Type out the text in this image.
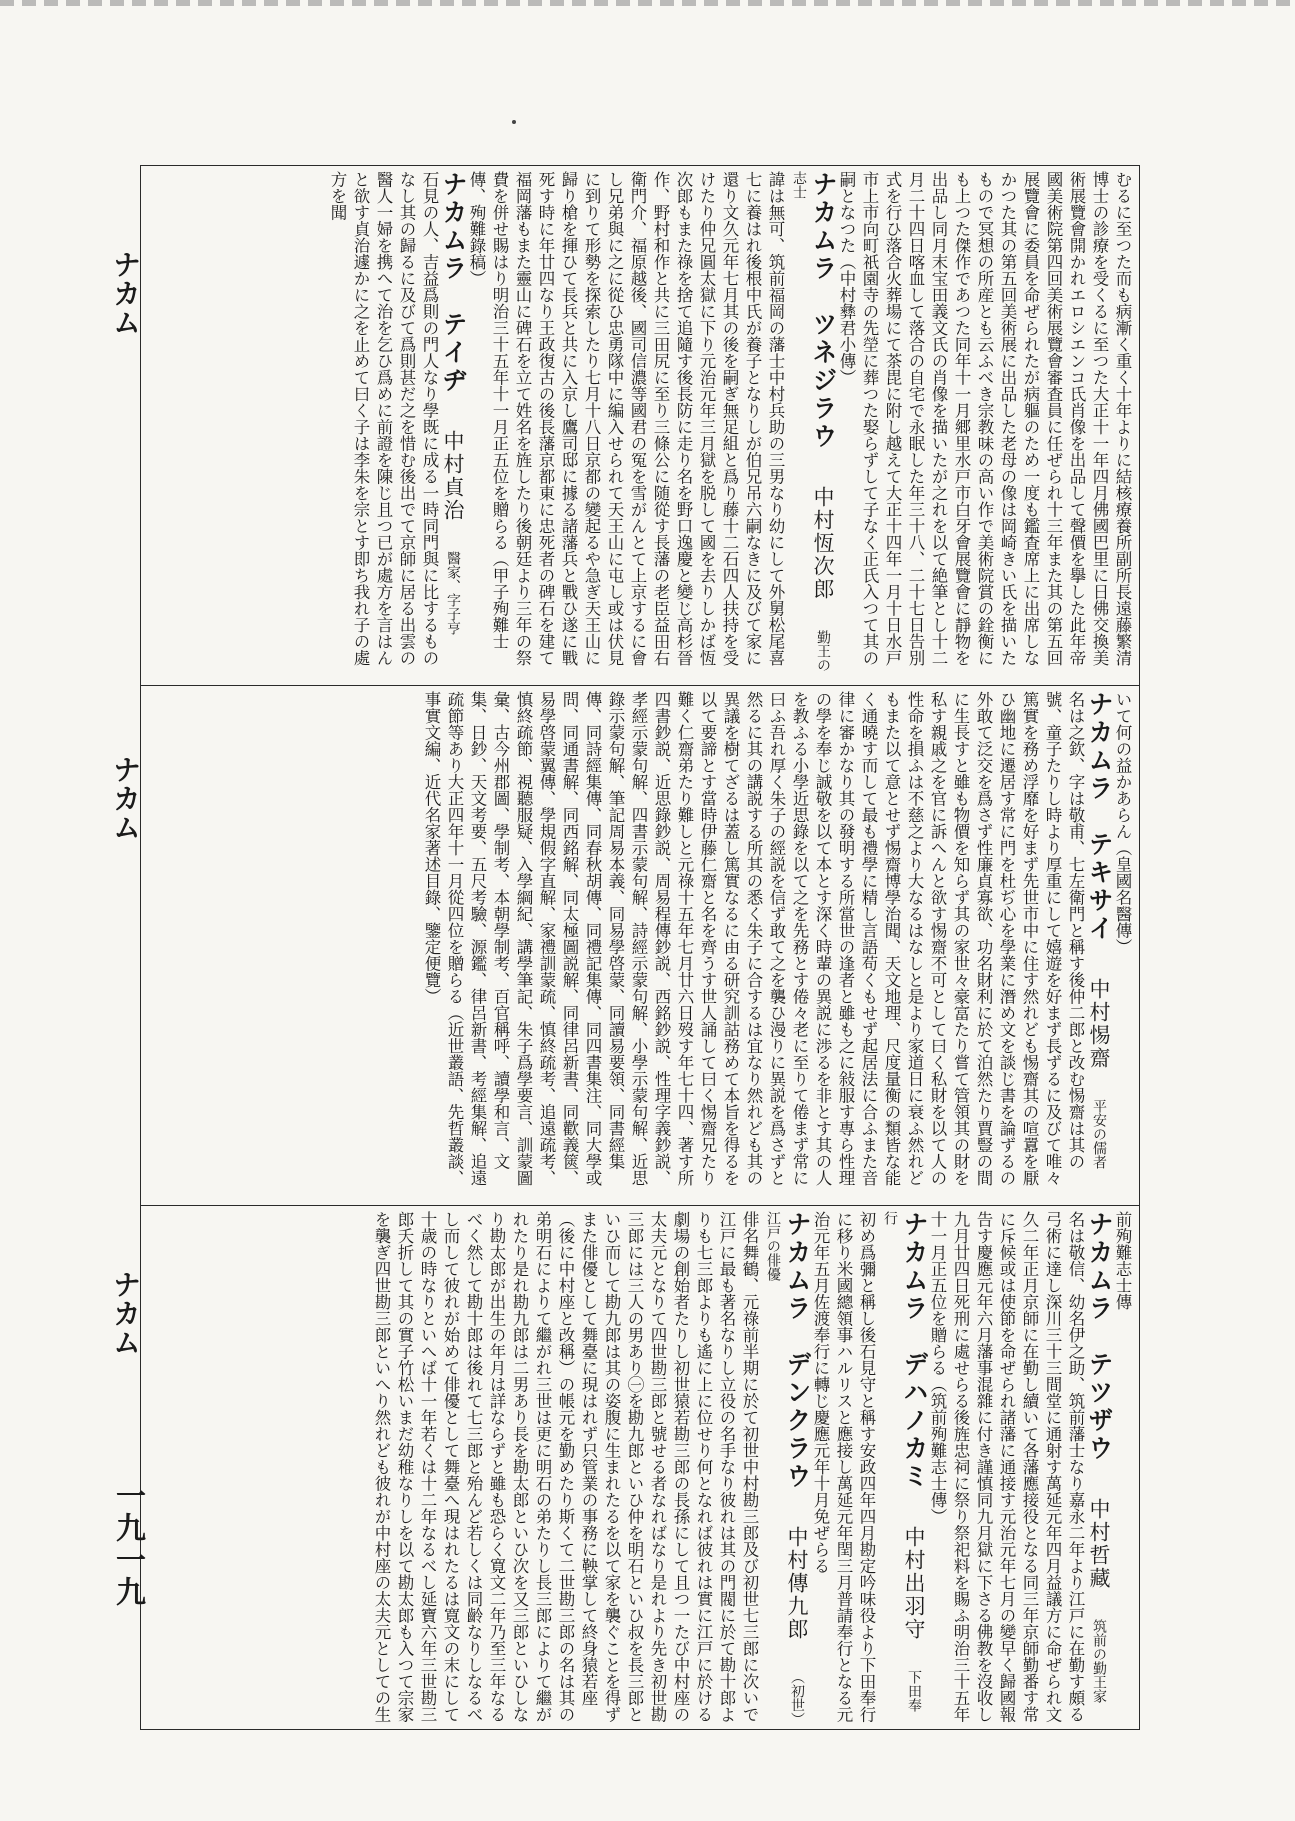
むるに至つた而も病漸く重く十年よりに結核療養所副所長遠藤繁清博士の診療を受くるに至つた大正十一年四月佛國巴里に日佛交換美術展覽會開かれエロシエンコ氏肖像を出品して聲價を擧した此年帝國美術院第四回美術展覽會審査員に任ぜられ十三年また其の第五回展覽會に委員を命ぜられたが病軀のため一度も鑑査席上に出席しなかつた其の第五回美術展に出品した老母の像は岡崎きい氏を描いたもので冥想の所産とも云ふべき宗教味の高い作で美術院賞の銓衡にも上つた傑作であつた同年十一月郷里水戸市白牙會展覽會に靜物を出品し同月末宝田義文氏の肖像を描いたが之れを以て絶筆とし十二月二十四日喀血して落合の自宅で永眠した年三十八、二十七日告別式を行ひ落合火葬場にて茶毘に附し越えて大正十四年一月十日水戸市上市向町祇園寺の先塋に葬つた娶らずして子なく正氏入つて其の嗣となつた（中村彝君小傳）

ナカムラ　ツネジラウ 中村恆次郎 勤王の志士

諱は無可、筑前福岡の藩士中村兵助の三男なり幼にして外舅松尾喜七に養はれ後根中氏が養子となりしが伯兄吊六嗣なきに及びて家に還り文久元年七月其の後を嗣ぎ無足組と爲り藤十二石四人扶持を受けたり仲兄圓太獄に下り元治元年三月獄を脱して國を去りしかば恆次郎もまた祿を捨て追隨す後長防に走り名を野口逸慶と變じ高杉晉作、野村和作と共に三田尻に至り三條公に随從す長藩の老臣益田右衛門介、福原越後、國司信濃等國君の冤を雪がんとて上京するに會し兄弟與に之に從ひ忠勇隊中に編入せられて天王山に屯し或は伏見に到りて形勢を探索したり七月十八日京都の變起るや急ぎ天王山に歸り槍を揮ひて長兵と共に入京し鷹司邸に據る諸藩兵と戰ひ遂に戰死す時に年廿四なり王政復古の後長藩京都東に忠死者の碑石を建て福岡藩もまた靈山に碑石を立て姓名を旌したり後朝廷より三年の祭費を併せ賜はり明治三十五年十一月正五位を贈らる（甲子殉難士傳、殉難錄稿）

ナカムラ　テイヂ 中村貞治 醫家、字子亨

石見の人、吉益爲則の門人なり學既に成る一時同門與に比するものなし其の歸るに及びて爲則甚だ之を惜む後出でて京師に居る出雲の醫人一婦を携へて治を乞ひ爲めに前證を陳じ且つ已が處方を言はんと欲す貞治遽かに之を止めて曰く子は李朱を宗とす即ち我れ子の處方を聞

いて何の益かあらん（皇國名醫傳）

ナカムラ　テキサイ 中村惕齋 平安の儒者

名は之欽、字は敬甫、七左衛門と稱す後仲二郎と改む惕齋は其の號、童子たりし時より厚重にして嬉遊を好まず長ずるに及びて唯々篤實を務め浮靡を好まず先世市中に住す然れども惕齋其の喧囂を厭ひ幽地に遷居す常に門を杜ぢ心を學業に潛め文を談じ書を論ずるの外敢て泛交を爲さず性廉貞寡欲、功名財利に於て泊然たり賈豎の間に生長すと雖も物價を知らず其の家世々豪富たり嘗て管領其の財を私す親戚之を官に訴へんと欲す惕齋不可として曰く私財を以て人の性命を損ふは不慈之より大なるはなしと是より家道日に衰ふ然れどもまた以て意とせず惕齋博學治聞、天文地理、尺度量衡の類皆な能く通曉す而して最も禮學に精し言語苟くもせず起居法に合ふまた音律に審かなり其の發明する所當世の逢者と雖も之に敍服す專ら性理の學を奉じ誠敬を以て本とす深く時輩の異説に渉るを非とす其の人を教ふる小學近思錄を以て之を先務とす倦々老に至りて倦まず常に曰ふ吾れ厚く朱子の經説を信ず敢て之を襲ひ漫りに異説を爲さずと然るに其の講説する所其の悉く朱子に合するは宜なり然れども其の異議を樹てざるは蓋し篤實なるに由る研究訓詁務めて本旨を得るを以て要諦とす當時伊藤仁齋と名を齊うす世人誦して曰く惕齋兄たり難く仁齋弟たり難しと元祿十五年七月廿六日歿す年七十四、著す所

四書鈔説、近思錄鈔説、周易程傳鈔説、西銘鈔説、性理字義鈔説、孝經示蒙句解、四書示蒙句解、詩經示蒙句解、小學示蒙句解、近思錄示蒙句解、筆記周易本義、同易學啓蒙、同讀易要領、同書經集傳、同詩經集傳、同春秋胡傳、同禮記集傳、同四書集注、同大學或問、同通書解、同西銘解、同太極圖説解、同律呂新書、同歡義篋、易學啓蒙翼傳、學規假字直解、家禮訓蒙疏、慎終疏考、追遠疏考、慎終疏節、視聽服疑、入學綱紀、講學筆記、朱子爲學要言、訓蒙圖彙、古今州郡圖、學制考、本朝學制考、百官稱呼、讀學和言、文集、日鈔、天文考要、五尺考驗、源鑑、律呂新書、考經集解、追遠疏節等あり大正四年十一月從四位を贈らる（近世叢語、先哲叢談、事實文編、近代名家著述目錄、鑒定便覽）

前殉難志士傳

ナカムラ　テツザウ 中村哲藏 筑前の勤王家

名は敬信、幼名伊之助、筑前藩士なり嘉永二年より江戸に在勤す頗る弓術に達し深川三十三間堂に通射す萬延元年四月益議方に命ぜられ文久二年正月京師に在勤し續いて各藩應接役となる同三年京師勤番す常に斥候或は使節を命ぜられ諸藩に通接す元治元年七月の變早く歸國報告す慶應元年六月藩事混雜に付き謹慎同九月獄に下さる佛教を沒收し九月廿四日死刑に處せらる後旌忠祠に祭り祭祀料を賜ふ明治三十五年十一月正五位を贈らる（筑前殉難志士傳）

ナカムラ　デハノカミ 中村出羽守 下田奉行

初め爲彌と稱し後石見守と稱す安政四年四月勘定吟味役より下田奉行に移り米國總領事ハルリスと應接し萬延元年閏三月普請奉行となる元治元年五月佐渡奉行に轉じ慶應元年十月免ぜらる

ナカムラ　デンクラウ 中村傳九郎 （初世）江戸の俳優

俳名舞鶴、元祿前半期に於て初世中村勘三郎及び初世七三郎に次いで江戸に最も著名なりし立役の名手なり彼れは其の門閥に於て勘十郎よりも七三郎よりも遙に上に位せり何となれば彼れは實に江戸に於ける劇場の創始者たりし初世猿若勘三郎の長孫にして且つ一たび中村座の太夫元となりて四世勘三郎と號せる者なればなり是れより先き初世勘三郎には三人の男あり㊀を勘九郎といひ仲を明石といひ叔を長三郎といひ而して勘九郎は其の姿腹に生まれたるを以て家を襲ぐことを得ずまた俳優として舞臺に現はれず只管業の事務に鞅掌して終身猿若座（後に中村座と改稱）の帳元を勤めたり斯くて二世勘三郎の名は其の弟明石によりて繼がれ三世は更に明石の弟たりし長三郎によりて繼がれたり是れ勘九郎は二男あり長を勘太郎といひ次を又三郎といひしなり勘太郎が出生の年月は詳ならずと雖も恐らく寛文二年乃至三年なるべく然して勘十郎は後れて七三郎と殆んど若しくは同齡なりしなるべし而して彼れが始めて俳優として舞臺へ現はれたるは寛文の末にして十歳の時なりといへば十一年若くは十二年なるべし延寶六年三世勘三郎夭折して其の實子竹松いまだ幼稚なりしを以て勘太郎も入つて宗家を襲ぎ四世勘三郎といへり然れども彼れが中村座の太夫元としての生

ナカム
ナカム
ナカム
一九一九
